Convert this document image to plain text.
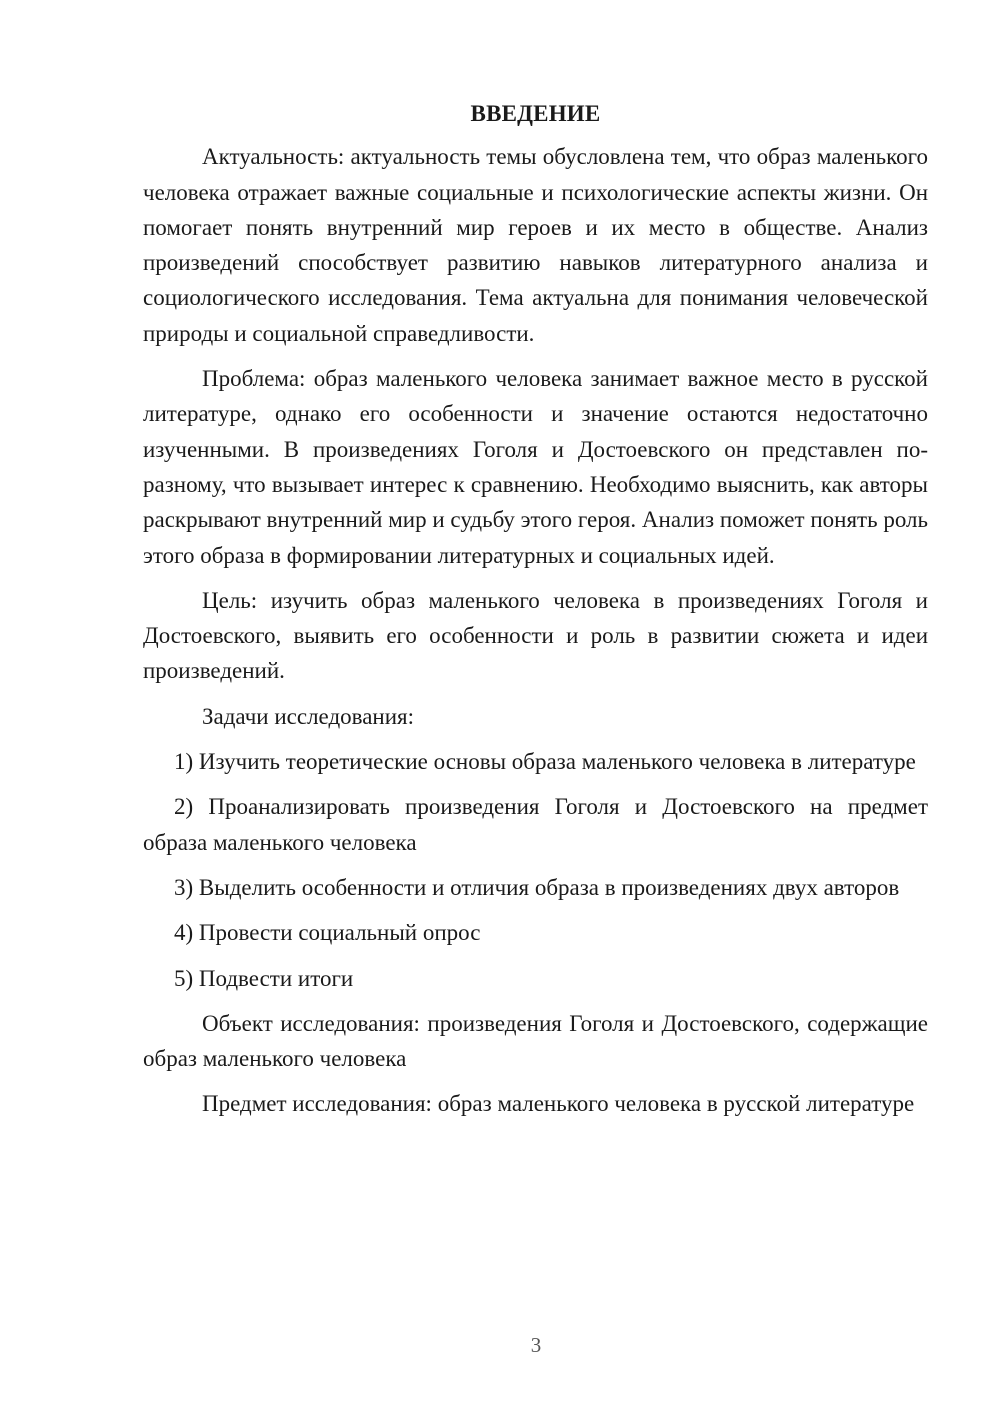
ВВЕДЕНИЕ

Актуальность: актуальность темы обусловлена тем, что образ маленького человека отражает важные социальные и психологические аспекты жизни. Он помогает понять внутренний мир героев и их место в обществе. Анализ произведений способствует развитию навыков литературного анализа и социологического исследования. Тема актуальна для понимания человеческой природы и социальной справедливости.

Проблема: образ маленького человека занимает важное место в русской литературе, однако его особенности и значение остаются недостаточно изученными. В произведениях Гоголя и Достоевского он представлен по-разному, что вызывает интерес к сравнению. Необходимо выяснить, как авторы раскрывают внутренний мир и судьбу этого героя. Анализ поможет понять роль этого образа в формировании литературных и социальных идей.

Цель: изучить образ маленького человека в произведениях Гоголя и Достоевского, выявить его особенности и роль в развитии сюжета и идеи произведений.

Задачи исследования:

1) Изучить теоретические основы образа маленького человека в литературе

2) Проанализировать произведения Гоголя и Достоевского на предмет образа маленького человека

3) Выделить особенности и отличия образа в произведениях двух авторов

4) Провести социальный опрос

5) Подвести итоги

Объект исследования: произведения Гоголя и Достоевского, содержащие образ маленького человека

Предмет исследования: образ маленького человека в русской литературе

3
